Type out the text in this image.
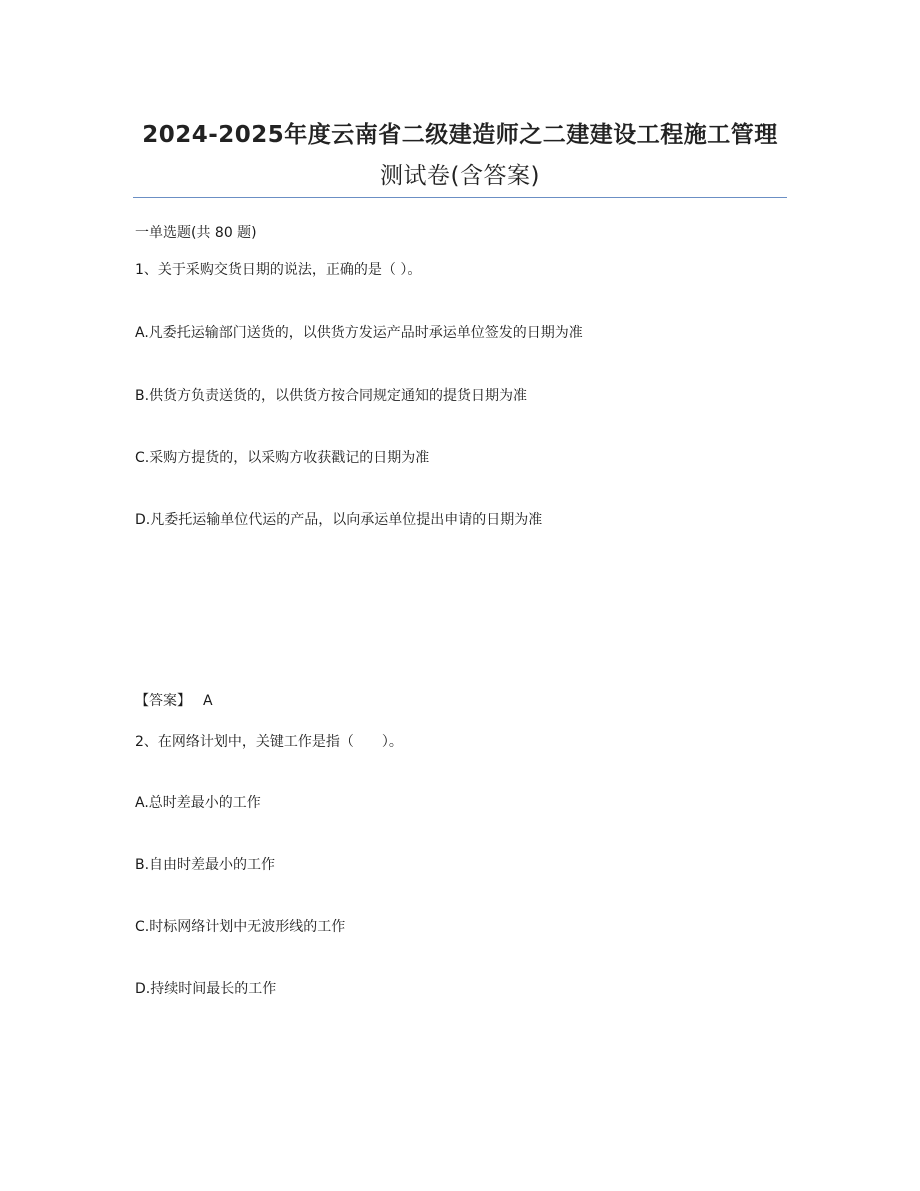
2024-2025年度云南省二级建造师之二建建设工程施工管理
测试卷(含答案)
一单选题(共 80 题)
1、关于采购交货日期的说法，正确的是（ ）。
A.凡委托运输部门送货的，以供货方发运产品时承运单位签发的日期为准
B.供货方负责送货的，以供货方按合同规定通知的提货日期为准
C.采购方提货的，以采购方收获戳记的日期为准
D.凡委托运输单位代运的产品，以向承运单位提出申请的日期为准
【答案】 A
2、在网络计划中，关键工作是指（　　）。
A.总时差最小的工作
B.自由时差最小的工作
C.时标网络计划中无波形线的工作
D.持续时间最长的工作
